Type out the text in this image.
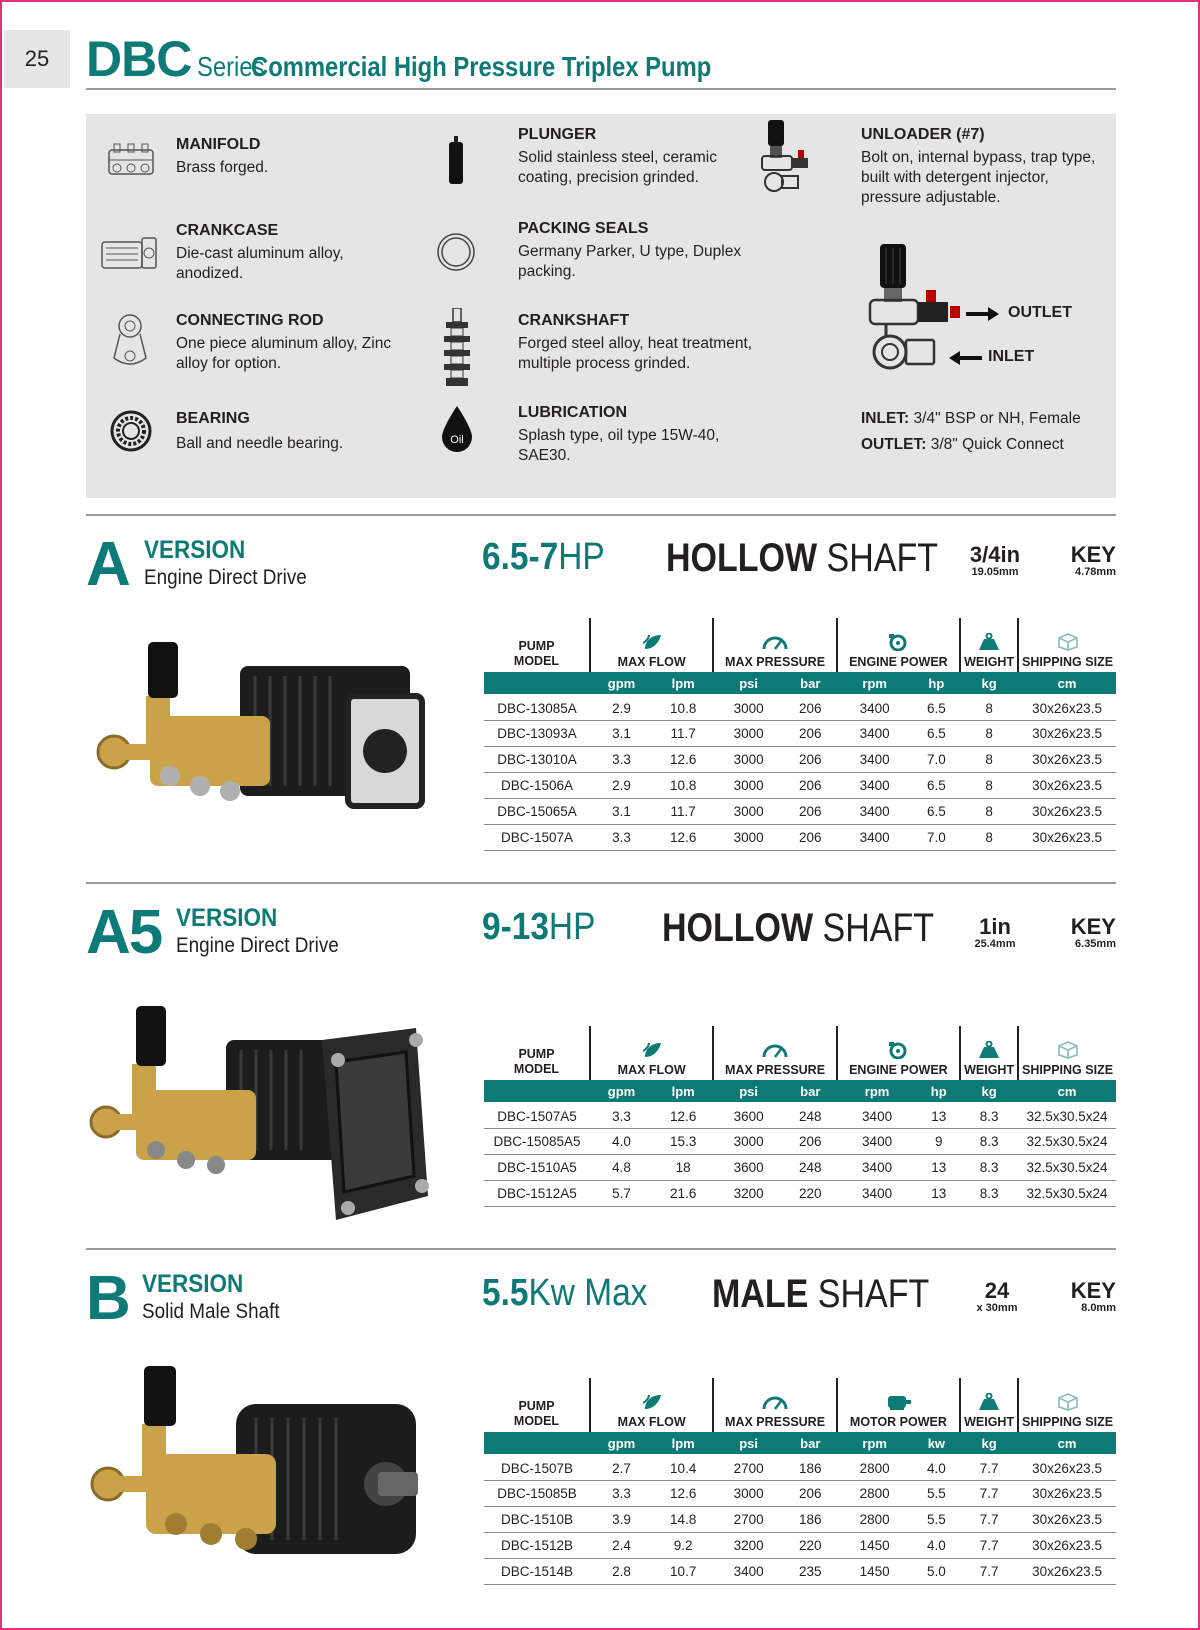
25 DBC Series
Commercial High Pressure Triplex Pump
MANIFOLD
Brass forged.
CRANKCASE
Die-cast aluminum alloy, anodized.
CONNECTING ROD
One piece aluminum alloy, Zinc alloy for option.
BEARING
Ball and needle bearing.
PLUNGER
Solid stainless steel, ceramic coating, precision grinded.
PACKING SEALS
Germany Parker, U type, Duplex packing.
CRANKSHAFT
Forged steel alloy, heat treatment, multiple process grinded.
Oil
LUBRICATION
Splash type, oil type 15W-40, SAE30.
UNLOADER (#7)
Bolt on, internal bypass, trap type, built with detergent injector, pressure adjustable.
OUTLET
INLET
INLET: 3/4" BSP or NH, Female
OUTLET: 3/8" Quick Connect
A VERSION
Engine Direct Drive	6.5-7HP HOLLOW SHAFT	3/4in
19.05mm
KEY
4.78mm
PUMP
MODEL	MAX FLOW		MAX PRESSURE		ENGINE POWER		WEIGHT	SHIPPING SIZE
	gpm	lpm	psi	bar	rpm	hp	kg	cm
DBC-13085A	2.9	10.8	3000	206	3400	6.5	8	30x26x23.5
DBC-13093A	3.1	11.7	3000	206	3400	6.5	8	30x26x23.5
DBC-13010A	3.3	12.6	3000	206	3400	7.0	8	30x26x23.5
DBC-1506A	2.9	10.8	3000	206	3400	6.5	8	30x26x23.5
DBC-15065A	3.1	11.7	3000	206	3400	6.5	8	30x26x23.5
DBC-1507A	3.3	12.6	3000	206	3400	7.0	8	30x26x23.5
A5 VERSION
Engine Direct Drive	9-13HP HOLLOW SHAFT	1in
25.4mm
KEY
6.35mm
PUMP
MODEL	MAX FLOW		MAX PRESSURE		ENGINE POWER		WEIGHT	SHIPPING SIZE
	gpm	lpm	psi	bar	rpm	hp	kg	cm
DBC-1507A5	3.3	12.6	3600	248	3400	13	8.3	32.5x30.5x24
DBC-15085A5	4.0	15.3	3000	206	3400	9	8.3	32.5x30.5x24
DBC-1510A5	4.8	18	3600	248	3400	13	8.3	32.5x30.5x24
DBC-1512A5	5.7	21.6	3200	220	3400	13	8.3	32.5x30.5x24
B VERSION
Solid Male Shaft	5.5Kw Max MALE SHAFT	24
x 30mm
KEY
8.0mm
PUMP
MODEL	MAX FLOW		MAX PRESSURE		MOTOR POWER		WEIGHT	SHIPPING SIZE
	gpm	lpm	psi	bar	rpm	kw	kg	cm
DBC-1507B	2.7	10.4	2700	186	2800	4.0	7.7	30x26x23.5
DBC-15085B	3.3	12.6	3000	206	2800	5.5	7.7	30x26x23.5
DBC-1510B	3.9	14.8	2700	186	2800	5.5	7.7	30x26x23.5
DBC-1512B	2.4	9.2	3200	220	1450	4.0	7.7	30x26x23.5
DBC-1514B	2.8	10.7	3400	235	1450	5.0	7.7	30x26x23.5
